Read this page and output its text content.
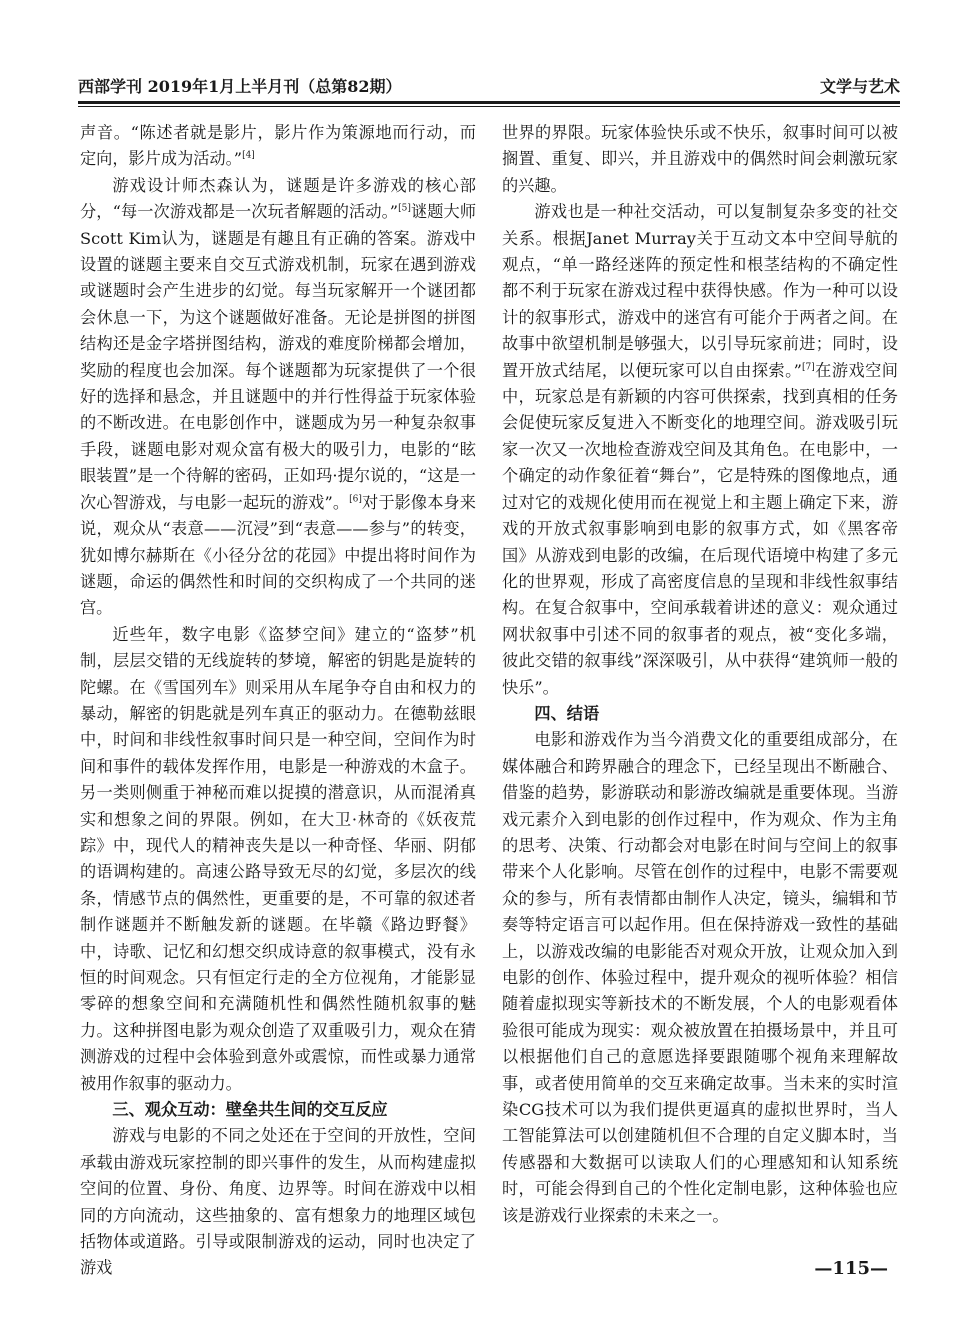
西部学刊 2019年1月上半月刊（总第82期）	文学与艺术

声音。“陈述者就是影片，影片作为策源地而行动，而定向，影片成为活动。”[4]

游戏设计师杰森认为，谜题是许多游戏的核心部分，“每一次游戏都是一次玩者解题的活动。”[5]谜题大师Scott Kim认为，谜题是有趣且有正确的答案。游戏中设置的谜题主要来自交互式游戏机制，玩家在遇到游戏或谜题时会产生进步的幻觉。每当玩家解开一个谜团都会休息一下，为这个谜题做好准备。无论是拼图的拼图结构还是金字塔拼图结构，游戏的难度阶梯都会增加，奖励的程度也会加深。每个谜题都为玩家提供了一个很好的选择和悬念，并且谜题中的并行性得益于玩家体验的不断改进。在电影创作中，谜题成为另一种复杂叙事手段，谜题电影对观众富有极大的吸引力，电影的“眩眼装置”是一个待解的密码，正如玛·提尔说的，“这是一次心智游戏，与电影一起玩的游戏”。[6]对于影像本身来说，观众从“表意——沉浸”到“表意——参与”的转变，犹如博尔赫斯在《小径分岔的花园》中提出将时间作为谜题，命运的偶然性和时间的交织构成了一个共同的迷宫。

近些年，数字电影《盗梦空间》建立的“盗梦”机制，层层交错的无线旋转的梦境，解密的钥匙是旋转的陀螺。在《雪国列车》则采用从车尾争夺自由和权力的暴动，解密的钥匙就是列车真正的驱动力。在德勒兹眼中，时间和非线性叙事时间只是一种空间，空间作为时间和事件的载体发挥作用，电影是一种游戏的木盒子。另一类则侧重于神秘而难以捉摸的潜意识，从而混淆真实和想象之间的界限。例如，在大卫·林奇的《妖夜荒踪》中，现代人的精神丧失是以一种奇怪、华丽、阴郁的语调构建的。高速公路导致无尽的幻觉，多层次的线条，情感节点的偶然性，更重要的是，不可靠的叙述者制作谜题并不断触发新的谜题。在毕赣《路边野餐》中，诗歌、记忆和幻想交织成诗意的叙事模式，没有永恒的时间观念。只有恒定行走的全方位视角，才能影显零碎的想象空间和充满随机性和偶然性随机叙事的魅力。这种拼图电影为观众创造了双重吸引力，观众在猜测游戏的过程中会体验到意外或震惊，而性或暴力通常被用作叙事的驱动力。

三、观众互动：壁垒共生间的交互反应

游戏与电影的不同之处还在于空间的开放性，空间承载由游戏玩家控制的即兴事件的发生，从而构建虚拟空间的位置、身份、角度、边界等。时间在游戏中以相同的方向流动，这些抽象的、富有想象力的地理区域包括物体或道路。引导或限制游戏的运动，同时也决定了游戏

世界的界限。玩家体验快乐或不快乐，叙事时间可以被搁置、重复、即兴，并且游戏中的偶然时间会刺激玩家的兴趣。

游戏也是一种社交活动，可以复制复杂多变的社交关系。根据Janet Murray关于互动文本中空间导航的观点，“单一路经迷阵的预定性和根茎结构的不确定性都不利于玩家在游戏过程中获得快感。作为一种可以设计的叙事形式，游戏中的迷宫有可能介于两者之间。在故事中欲望机制是够强大，以引导玩家前进；同时，设置开放式结尾，以便玩家可以自由探索。”[7]在游戏空间中，玩家总是有新颖的内容可供探索，找到真相的任务会促使玩家反复进入不断变化的地理空间。游戏吸引玩家一次又一次地检查游戏空间及其角色。在电影中，一个确定的动作象征着“舞台”，它是特殊的图像地点，通过对它的戏规化使用而在视觉上和主题上确定下来，游戏的开放式叙事影响到电影的叙事方式，如《黑客帝国》从游戏到电影的改编，在后现代语境中构建了多元化的世界观，形成了高密度信息的呈现和非线性叙事结构。在复合叙事中，空间承载着讲述的意义：观众通过网状叙事中引述不同的叙事者的观点，被“变化多端，彼此交错的叙事线”深深吸引，从中获得“建筑师一般的快乐”。

四、结语

电影和游戏作为当今消费文化的重要组成部分，在媒体融合和跨界融合的理念下，已经呈现出不断融合、借鉴的趋势，影游联动和影游改编就是重要体现。当游戏元素介入到电影的创作过程中，作为观众、作为主角的思考、决策、行动都会对电影在时间与空间上的叙事带来个人化影响。尽管在创作的过程中，电影不需要观众的参与，所有表情都由制作人决定，镜头，编辑和节奏等特定语言可以起作用。但在保持游戏一致性的基础上，以游戏改编的电影能否对观众开放，让观众加入到电影的创作、体验过程中，提升观众的视听体验？相信随着虚拟现实等新技术的不断发展，个人的电影观看体验很可能成为现实：观众被放置在拍摄场景中，并且可以根据他们自己的意愿选择要跟随哪个视角来理解故事，或者使用简单的交互来确定故事。当未来的实时渲染CG技术可以为我们提供更逼真的虚拟世界时，当人工智能算法可以创建随机但不合理的自定义脚本时，当传感器和大数据可以读取人们的心理感知和认知系统时，可能会得到自己的个性化定制电影，这种体验也应该是游戏行业探索的未来之一。

—115—
